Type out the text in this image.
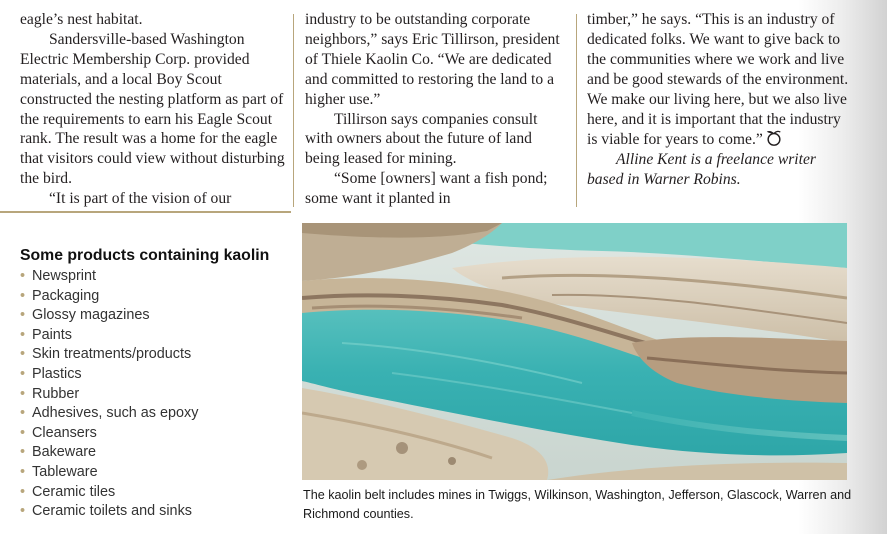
eagle’s nest habitat.

Sandersville-based Washington Electric Membership Corp. provided materials, and a local Boy Scout constructed the nesting platform as part of the requirements to earn his Eagle Scout rank. The result was a home for the eagle that visitors could view without disturbing the bird.

“It is part of the vision of our

industry to be outstanding corporate neighbors,” says Eric Tillirson, president of Thiele Kaolin Co. “We are dedicated and committed to restoring the land to a higher use.”

Tillirson says companies consult with owners about the future of land being leased for mining.

“Some [owners] want a fish pond; some want it planted in

timber,” he says. “This is an industry of dedicated folks. We want to give back to the communities where we work and live and be good stewards of the environment. We make our living here, but we also live here, and it is important that the industry is viable for years to come.”

Alline Kent is a freelance writer based in Warner Robins.

Some products containing kaolin
• Newsprint
• Packaging
• Glossy magazines
• Paints
• Skin treatments/products
• Plastics
• Rubber
• Adhesives, such as epoxy
• Cleansers
• Bakeware
• Tableware
• Ceramic tiles
• Ceramic toilets and sinks
The kaolin belt includes mines in Twiggs, Wilkinson, Washington, Jefferson, Glascock, Warren and Richmond counties.
